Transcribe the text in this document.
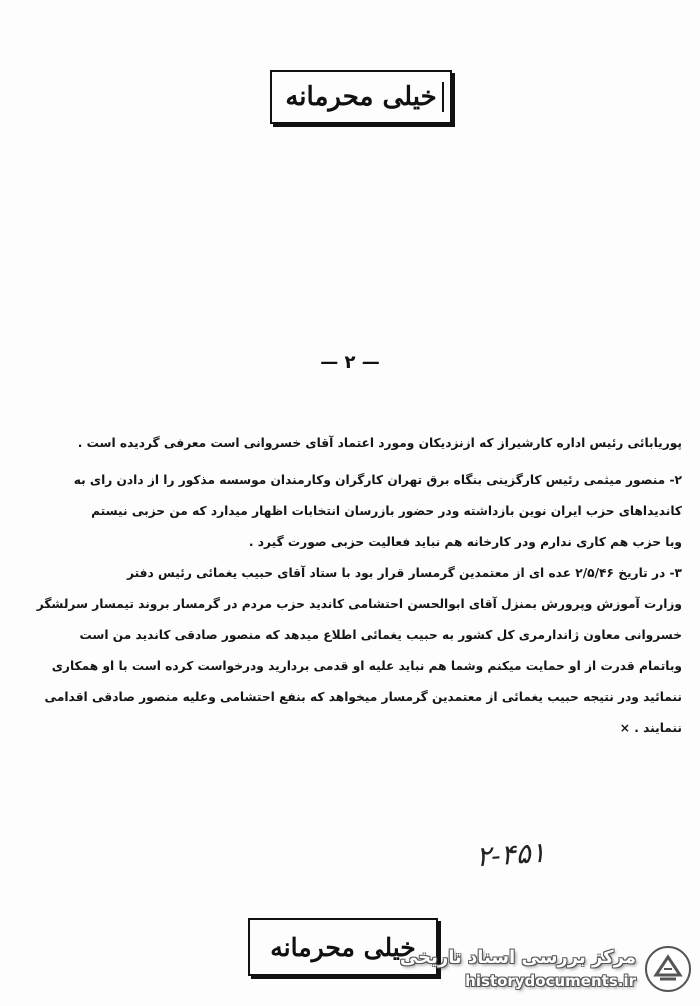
خیلی محرمانه
— ۲ —
پوریابائی رئیس اداره کارشیراز که ازنزدیکان ومورد اعتماد آقای خسروانی است معرفی گردیده است .
۲- منصور میثمی رئیس کارگزینی بنگاه برق تهران کارگران وکارمندان موسسه مذکور را از دادن رای به
کاندیداهای حزب ایران نوین بازداشته ودر حضور بازرسان انتخابات اظهار میدارد که من حزبی نیستم
وبا حزب هم کاری ندارم ودر کارخانه هم نباید فعالیت حزبی صورت گیرد .
۳- در تاریخ ۲/۵/۴۶ عده ای از معتمدین گرمسار قرار بود با ستاد آقای حبیب یغمائی رئیس دفتر
وزارت آموزش وپرورش بمنزل آقای ابوالحسن احتشامی کاندید حزب مردم در گرمسار بروند تیمسار سرلشگر
خسروانی معاون ژاندارمری کل کشور به حبیب یغمائی اطلاع میدهد که منصور صادقی کاندید من است
وباتمام قدرت از او حمایت میکنم وشما هم نباید علیه او قدمی بردارید ودرخواست کرده است با او همکاری
ننمائید ودر نتیجه حبیب یغمائی از معتمدین گرمسار میخواهد که بنفع احتشامی وعلیه منصور صادقی اقدامی
ننمایند . ×
۲-۴۵۱
خیلی محرمانه
مرکز بررسی اسناد تاریخی
historydocuments.ir
